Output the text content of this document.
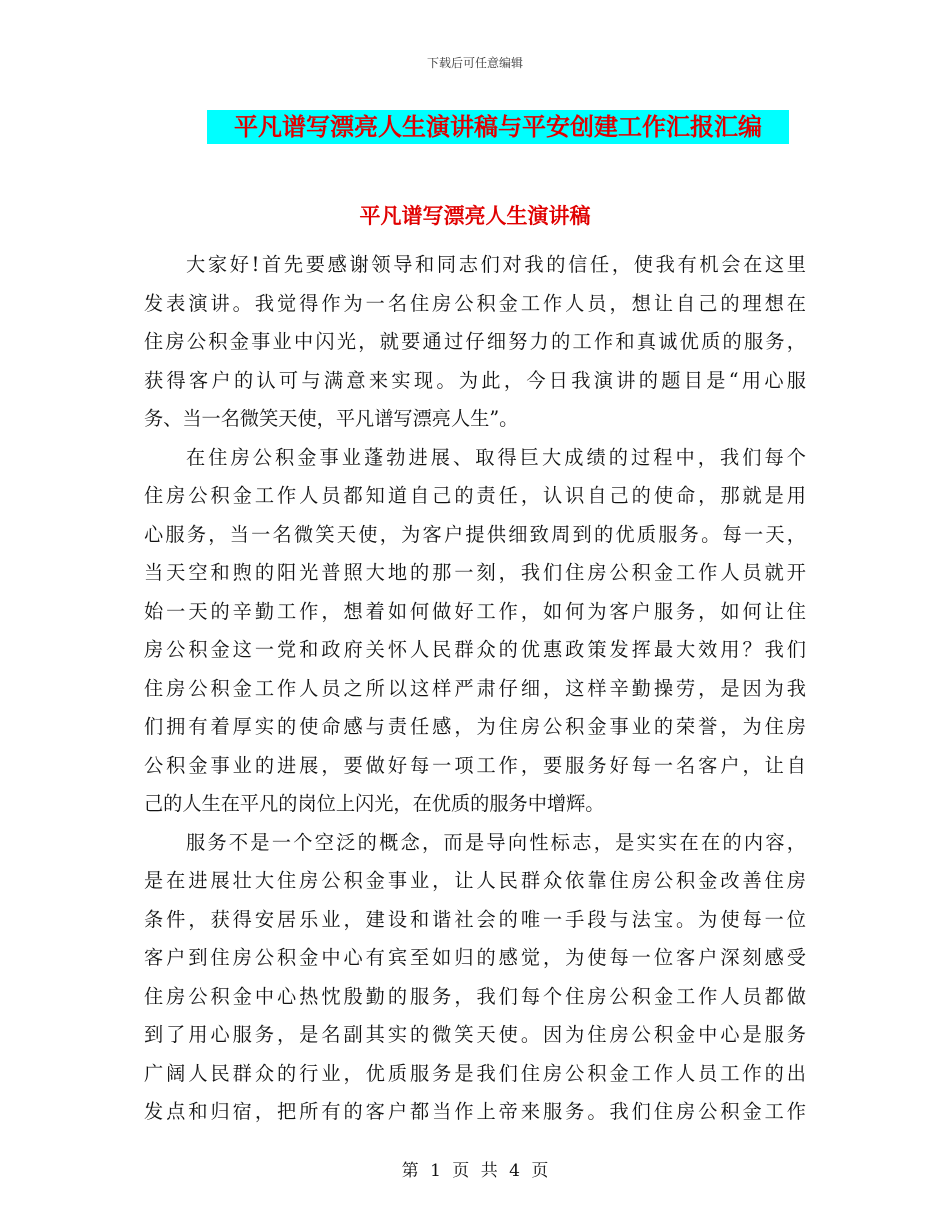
下载后可任意编辑
平凡谱写漂亮人生演讲稿与平安创建工作汇报汇编
平凡谱写漂亮人生演讲稿
大家好!首先要感谢领导和同志们对我的信任，使我有机会在这里
发表演讲。我觉得作为一名住房公积金工作人员，想让自己的理想在
住房公积金事业中闪光，就要通过仔细努力的工作和真诚优质的服务，
获得客户的认可与满意来实现。为此，今日我演讲的题目是“用心服
务、当一名微笑天使，平凡谱写漂亮人生”。
在住房公积金事业蓬勃进展、取得巨大成绩的过程中，我们每个
住房公积金工作人员都知道自己的责任，认识自己的使命，那就是用
心服务，当一名微笑天使，为客户提供细致周到的优质服务。每一天，
当天空和煦的阳光普照大地的那一刻，我们住房公积金工作人员就开
始一天的辛勤工作，想着如何做好工作，如何为客户服务，如何让住
房公积金这一党和政府关怀人民群众的优惠政策发挥最大效用？我们
住房公积金工作人员之所以这样严肃仔细，这样辛勤操劳，是因为我
们拥有着厚实的使命感与责任感，为住房公积金事业的荣誉，为住房
公积金事业的进展，要做好每一项工作，要服务好每一名客户，让自
己的人生在平凡的岗位上闪光，在优质的服务中增辉。
服务不是一个空泛的概念，而是导向性标志，是实实在在的内容，
是在进展壮大住房公积金事业，让人民群众依靠住房公积金改善住房
条件，获得安居乐业，建设和谐社会的唯一手段与法宝。为使每一位
客户到住房公积金中心有宾至如归的感觉，为使每一位客户深刻感受
住房公积金中心热忱殷勤的服务，我们每个住房公积金工作人员都做
到了用心服务，是名副其实的微笑天使。因为住房公积金中心是服务
广阔人民群众的行业，优质服务是我们住房公积金工作人员工作的出
发点和归宿，把所有的客户都当作上帝来服务。我们住房公积金工作
第 1 页 共 4 页
